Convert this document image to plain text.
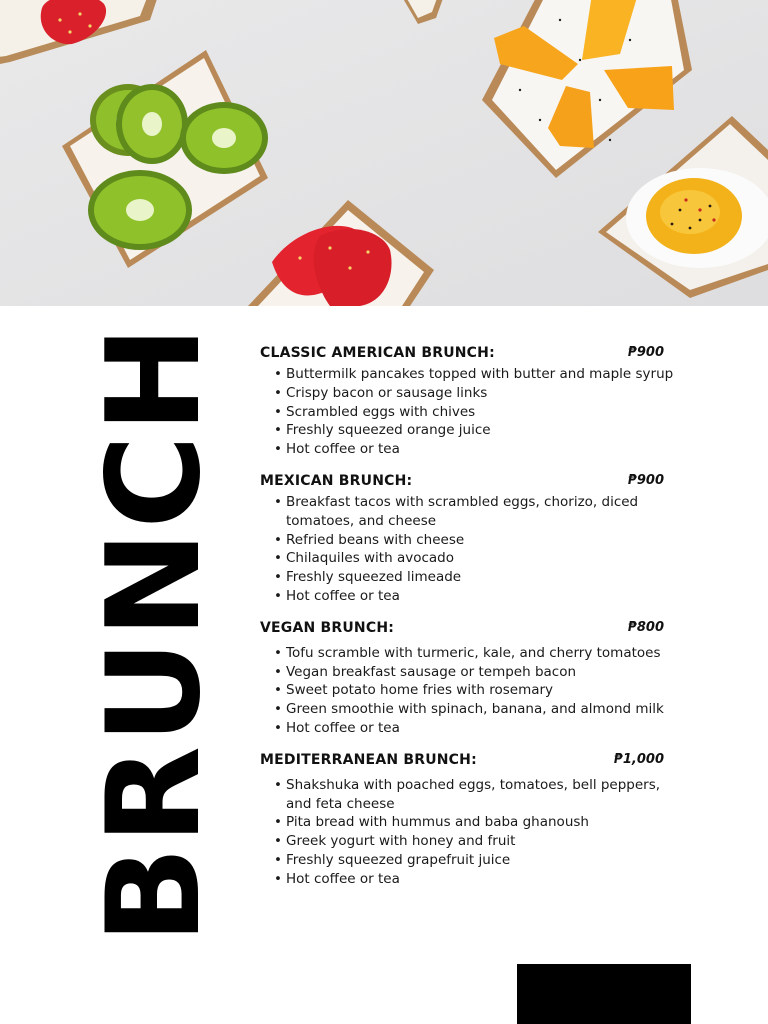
BRUNCH CLASSIC AMERICAN BRUNCH:	₱900
• Buttermilk pancakes topped with butter and maple syrup
• Crispy bacon or sausage links
• Scrambled eggs with chives
• Freshly squeezed orange juice
• Hot coffee or tea
MEXICAN BRUNCH:	₱900
• Breakfast tacos with scrambled eggs, chorizo, diced tomatoes, and cheese
• Refried beans with cheese
• Chilaquiles with avocado
• Freshly squeezed limeade
• Hot coffee or tea
VEGAN BRUNCH:	₱800
• Tofu scramble with turmeric, kale, and cherry tomatoes
• Vegan breakfast sausage or tempeh bacon
• Sweet potato home fries with rosemary
• Green smoothie with spinach, banana, and almond milk
• Hot coffee or tea
MEDITERRANEAN BRUNCH:	₱1,000
• Shakshuka with poached eggs, tomatoes, bell peppers, and feta cheese
• Pita bread with hummus and baba ghanoush
• Greek yogurt with honey and fruit
• Freshly squeezed grapefruit juice
• Hot coffee or tea
